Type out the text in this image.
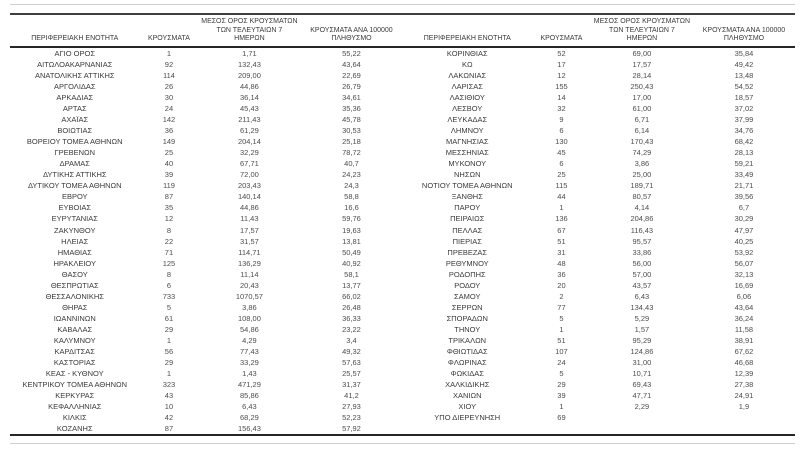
ΠΕΡΙΦΕΡΕΙΑΚΗ ΕΝΟΤΗΤΑ	ΚΡΟΥΣΜΑΤΑ	ΜΕΣΟΣ ΟΡΟΣ ΚΡΟΥΣΜΑΤΩΝ ΤΩΝ ΤΕΛΕΥΤΑΙΩΝ 7 ΗΜΕΡΩΝ	ΚΡΟΥΣΜΑΤΑ ΑΝΑ 100000 ΠΛΗΘΥΣΜΟ
ΑΓΙΟ ΟΡΟΣ	1	1,71	55,22
ΑΙΤΩΛΟΑΚΑΡΝΑΝΙΑΣ	92	132,43	43,64
ΑΝΑΤΟΛΙΚΗΣ ΑΤΤΙΚΗΣ	114	209,00	22,69
ΑΡΓΟΛΙΔΑΣ	26	44,86	26,79
ΑΡΚΑΔΙΑΣ	30	36,14	34,61
ΑΡΤΑΣ	24	45,43	35,36
ΑΧΑΪΑΣ	142	211,43	45,78
ΒΟΙΩΤΙΑΣ	36	61,29	30,53
ΒΟΡΕΙΟΥ ΤΟΜΕΑ ΑΘΗΝΩΝ	149	204,14	25,18
ΓΡΕΒΕΝΩΝ	25	32,29	78,72
ΔΡΑΜΑΣ	40	67,71	40,7
ΔΥΤΙΚΗΣ ΑΤΤΙΚΗΣ	39	72,00	24,23
ΔΥΤΙΚΟΥ ΤΟΜΕΑ ΑΘΗΝΩΝ	119	203,43	24,3
ΕΒΡΟΥ	87	140,14	58,8
ΕΥΒΟΙΑΣ	35	44,86	16,6
ΕΥΡΥΤΑΝΙΑΣ	12	11,43	59,76
ΖΑΚΥΝΘΟΥ	8	17,57	19,63
ΗΛΕΙΑΣ	22	31,57	13,81
ΗΜΑΘΙΑΣ	71	114,71	50,49
ΗΡΑΚΛΕΙΟΥ	125	136,29	40,92
ΘΑΣΟΥ	8	11,14	58,1
ΘΕΣΠΡΩΤΙΑΣ	6	20,43	13,77
ΘΕΣΣΑΛΟΝΙΚΗΣ	733	1070,57	66,02
ΘΗΡΑΣ	5	3,86	26,48
ΙΩΑΝΝΙΝΩΝ	61	108,00	36,33
ΚΑΒΑΛΑΣ	29	54,86	23,22
ΚΑΛΥΜΝΟΥ	1	4,29	3,4
ΚΑΡΔΙΤΣΑΣ	56	77,43	49,32
ΚΑΣΤΟΡΙΑΣ	29	33,29	57,63
ΚΕΑΣ - ΚΥΘΝΟΥ	1	1,43	25,57
ΚΕΝΤΡΙΚΟΥ ΤΟΜΕΑ ΑΘΗΝΩΝ	323	471,29	31,37
ΚΕΡΚΥΡΑΣ	43	85,86	41,2
ΚΕΦΑΛΛΗΝΙΑΣ	10	6,43	27,93
ΚΙΛΚΙΣ	42	68,29	52,23
ΚΟΖΑΝΗΣ	87	156,43	57,92
ΠΕΡΙΦΕΡΕΙΑΚΗ ΕΝΟΤΗΤΑ	ΚΡΟΥΣΜΑΤΑ	ΜΕΣΟΣ ΟΡΟΣ ΚΡΟΥΣΜΑΤΩΝ ΤΩΝ ΤΕΛΕΥΤΑΙΩΝ 7 ΗΜΕΡΩΝ	ΚΡΟΥΣΜΑΤΑ ΑΝΑ 100000 ΠΛΗΘΥΣΜΟ
ΚΟΡΙΝΘΙΑΣ	52	69,00	35,84
ΚΩ	17	17,57	49,42
ΛΑΚΩΝΙΑΣ	12	28,14	13,48
ΛΑΡΙΣΑΣ	155	250,43	54,52
ΛΑΣΙΘΙΟΥ	14	17,00	18,57
ΛΕΣΒΟΥ	32	61,00	37,02
ΛΕΥΚΑΔΑΣ	9	6,71	37,99
ΛΗΜΝΟΥ	6	6,14	34,76
ΜΑΓΝΗΣΙΑΣ	130	170,43	68,42
ΜΕΣΣΗΝΙΑΣ	45	74,29	28,13
ΜΥΚΟΝΟΥ	6	3,86	59,21
ΝΗΣΩΝ	25	25,00	33,49
ΝΟΤΙΟΥ ΤΟΜΕΑ ΑΘΗΝΩΝ	115	189,71	21,71
ΞΑΝΘΗΣ	44	80,57	39,56
ΠΑΡΟΥ	1	4,14	6,7
ΠΕΙΡΑΙΩΣ	136	204,86	30,29
ΠΕΛΛΑΣ	67	116,43	47,97
ΠΙΕΡΙΑΣ	51	95,57	40,25
ΠΡΕΒΕΖΑΣ	31	33,86	53,92
ΡΕΘΥΜΝΟΥ	48	56,00	56,07
ΡΟΔΟΠΗΣ	36	57,00	32,13
ΡΟΔΟΥ	20	43,57	16,69
ΣΑΜΟΥ	2	6,43	6,06
ΣΕΡΡΩΝ	77	134,43	43,64
ΣΠΟΡΑΔΩΝ	5	5,29	36,24
ΤΗΝΟΥ	1	1,57	11,58
ΤΡΙΚΑΛΩΝ	51	95,29	38,91
ΦΘΙΩΤΙΔΑΣ	107	124,86	67,62
ΦΛΩΡΙΝΑΣ	24	31,00	46,68
ΦΩΚΙΔΑΣ	5	10,71	12,39
ΧΑΛΚΙΔΙΚΗΣ	29	69,43	27,38
ΧΑΝΙΩΝ	39	47,71	24,91
ΧΙΟΥ	1	2,29	1,9
ΥΠΟ ΔΙΕΡΕΥΝΗΣΗ	69		
